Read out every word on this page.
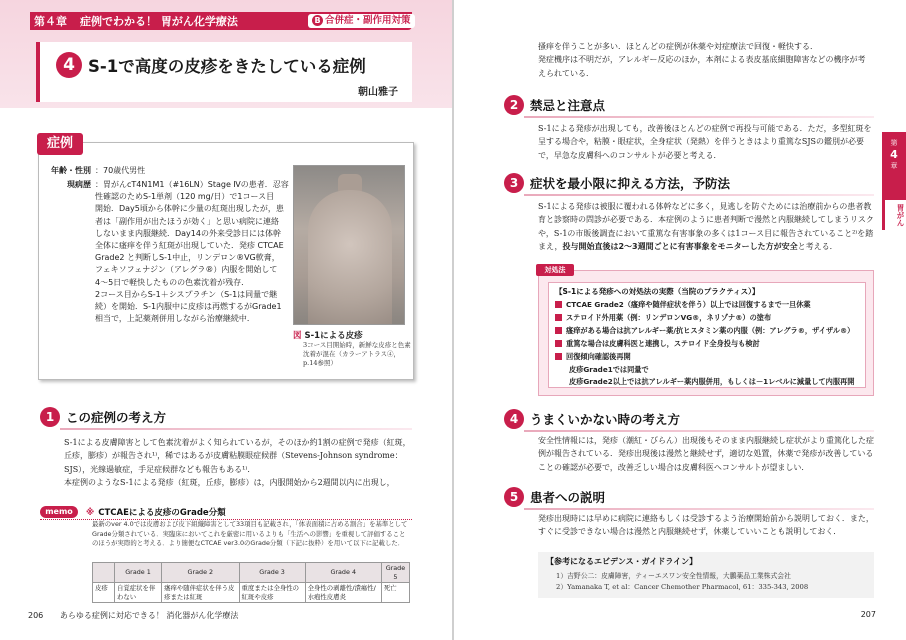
第４章 症例でわかる！ 胃がん化学療法	B 合併症・副作用対策
4 S-1で高度の皮疹をきたしている症例
朝山雅子
症例
年齢・性別 ：70歳代男性
現病歴 ：胃がんcT4N1M1（#16LN）Stage Ⅳの患者．忍容
性確認のためS-1単剤（120 mg/日）で1コース目
開始．Day5頃から体幹に少量の紅斑出現したが，患
者は「副作用が出たほうが効く」と思い病院に連絡
しないまま内服継続．Day14の外来受診日には体幹
全体に瘙痒を伴う紅斑が出現していた．発疹 CTCAE
Grade2 と判断しS-1中止，リンデロン®VG軟膏，
フェキソフェナジン（アレグラ®）内服を開始して
4～5日で軽快したものの色素沈着が残存．
2コース目からS-1＋シスプラチン（S-1は同量で継
続）を開始．S-1内服中に皮疹は再燃するがGrade1
相当で，上記薬剤併用しながら治療継続中．
図 S-1による皮疹
3コース目開始時，新鮮な皮疹と色素沈着が混在（カラーアトラス④，p.14参照）
1 この症例の考え方
S-1による皮膚障害として色素沈着がよく知られているが，そのほか約1割の症例で発疹（紅斑，丘疹，膨疹）が報告され¹⁾，稀ではあるが皮膚粘膜眼症候群（Stevens-Johnson syndrome：SJS），光線過敏症，手足症候群なども報告もある¹⁾．
本症例のようなS-1による発疹（紅斑，丘疹，膨疹）は，内服開始から2週間以内に出現し，
memo	※ CTCAEによる皮疹のGrade分類
最新のver 4.0では皮膚および皮下組織障害として33項目も記載され，「体表面積に占める割合」を基準としてGrade分類されている．実臨床においてこれを厳密に用いるよりも「生活への影響」を重視して評価することのほうが実際的と考える．より簡便なCTCAE ver3.0のGrade分類（下記に抜粋）を用いて以下に記載した．
	Grade 1	Grade 2	Grade 3	Grade 4	Grade 5
皮疹	自覚症状を伴わない	瘙痒や随伴症状を伴う皮疹または紅斑	重度または全身性の紅斑や皮疹	全身性の剥離性/潰瘍性/水疱性皮膚炎	死亡
206 あらゆる症例に対応できる！ 消化器がん化学療法
搔痒を伴うことが多い．ほとんどの症例が休薬や対症療法で回復・軽快する．
発症機序は不明だが，アレルギー反応のほか，本剤による表皮基底細胞障害などの機序が考
えられている．
第
4
章
胃がん
2 禁忌と注意点
S-1による発疹が出現しても，改善後ほとんどの症例で再投与可能である．ただ，多型紅斑を呈する場合や，粘膜・眼症状，全身症状（発熱）を伴うときはより重篤なSJSの鑑別が必要で，早急な皮膚科へのコンサルトが必要と考える．
3 症状を最小限に抑える方法，予防法
S-1による発疹は被服に覆われる体幹などに多く，見逃しを防ぐためには治療前からの患者教育と診察時の問診が必要である．本症例のように患者判断で漫然と内服継続してしまうリスクや，S-1の市販後調査において重篤な有害事象の多くは1コース目に報告されていること²⁾を踏まえ，投与開始直後は2～3週間ごとに有害事象をモニターした方が安全と考える．
対処法
【S-1による発疹への対処法の実際（当院のプラクティス）】
CTCAE Grade2（瘙痒や随伴症状を伴う）以上では回復するまで一旦休薬
ステロイド外用薬（例：リンデロンVG®，ネリゾナ®）の塗布
瘙痒がある場合は抗アレルギー薬/抗ヒスタミン薬の内服（例：アレグラ®，ザイザル®）
重篤な場合は皮膚科医と連携し，ステロイド全身投与も検討
回復傾向確認後再開
皮疹Grade1では同量で
皮疹Grade2以上では抗アレルギー薬内服併用，もしくは－1レベルに減量して内服再開
4 うまくいかない時の考え方
安全性情報には，発疹（潮紅・びらん）出現後もそのまま内服継続し症状がより重篤化した症例が報告されている．発疹出現後は漫然と継続せず，適切な処置，休薬で発疹が改善していることの確認が必要で，改善乏しい場合は皮膚科医へコンサルトが望ましい．
5 患者への説明
発疹出現時には早めに病院に連絡もしくは受診するよう治療開始前から説明しておく．また，すぐに受診できない場合は漫然と内服継続せず，休薬していいことも説明しておく．
【参考になるエビデンス・ガイドライン】
1）吉野公二：皮膚障害，ティーエスワン安全性情報，大鵬薬品工業株式会社
2）Yamanaka T, et al：Cancer Chemother Pharmacol, 61：335-343, 2008
207
